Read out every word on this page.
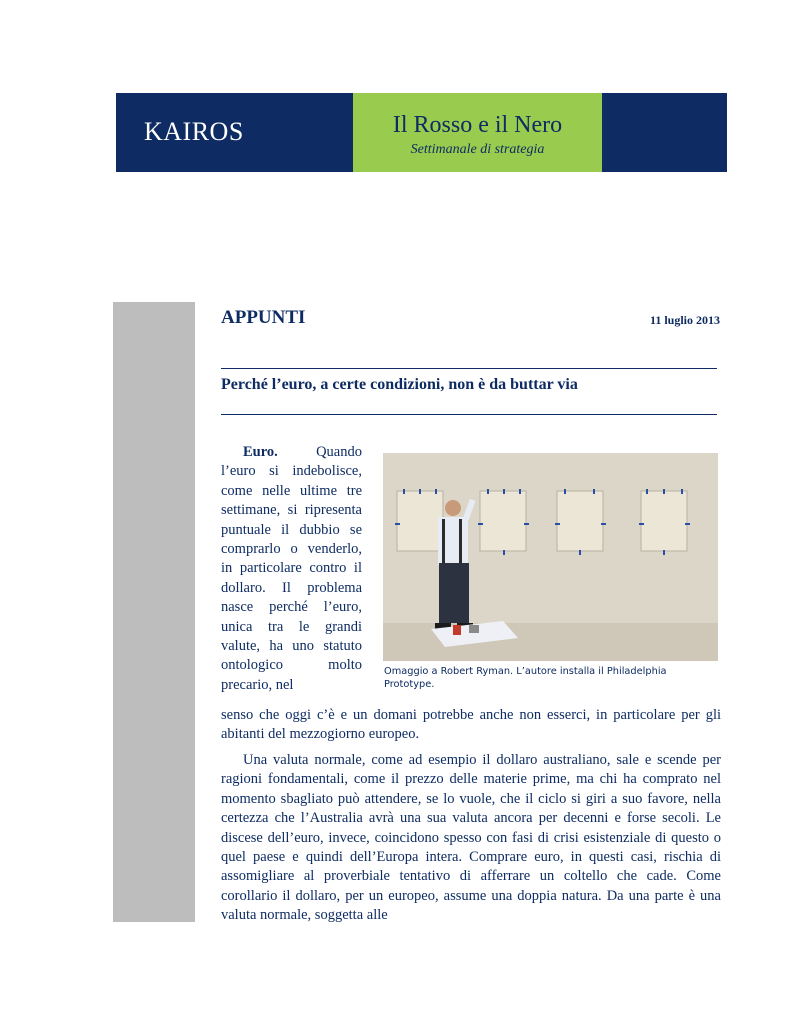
KAIROS	Il Rosso e il Nero
Settimanale di strategia
APPUNTI	11 luglio 2013
Perché l’euro, a certe condizioni, non è da buttar via
Euro.	Quando l’euro si indebolisce, come nelle ultime tre settimane, si ripresenta puntuale il dubbio se comprarlo o venderlo, in particolare contro il dollaro. Il problema nasce perché l’euro, unica tra le grandi valute, ha uno statuto ontologico molto precario, nel
Omaggio a Robert Ryman. L’autore installa il Philadelphia Prototype.
senso che oggi c’è e un domani potrebbe anche non esserci, in particolare per gli abitanti del mezzogiorno europeo.
Una valuta normale, come ad esempio il dollaro australiano, sale e scende per ragioni fondamentali, come il prezzo delle materie prime, ma chi ha comprato nel momento sbagliato può attendere, se lo vuole, che il ciclo si giri a suo favore, nella certezza che l’Australia avrà una sua valuta ancora per decenni e forse secoli. Le discese dell’euro, invece, coincidono spesso con fasi di crisi esistenziale di questo o quel paese e quindi dell’Europa intera. Comprare euro, in questi casi, rischia di assomigliare al proverbiale tentativo di afferrare un coltello che cade. Come corollario il dollaro, per un europeo, assume una doppia natura. Da una parte è una valuta normale, soggetta alle
